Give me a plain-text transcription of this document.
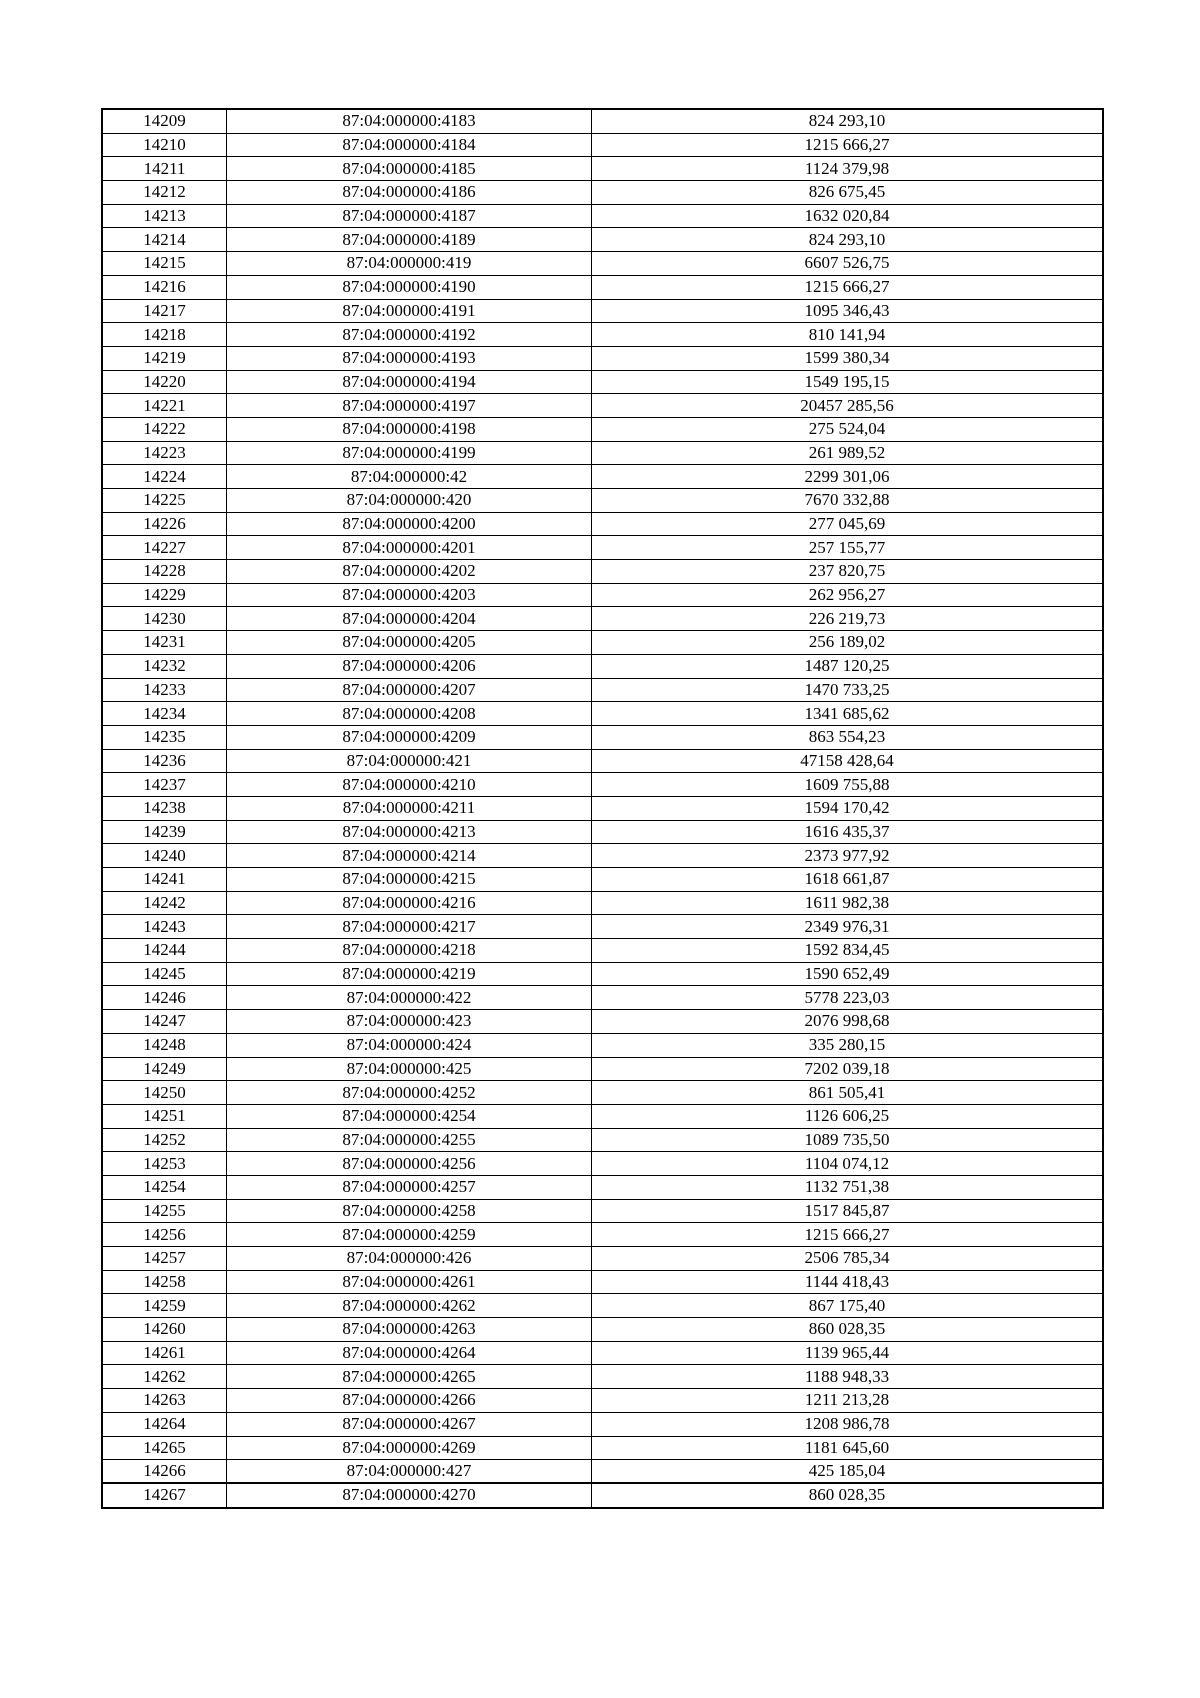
14209	87:04:000000:4183	824 293,10
14210	87:04:000000:4184	1215 666,27
14211	87:04:000000:4185	1124 379,98
14212	87:04:000000:4186	826 675,45
14213	87:04:000000:4187	1632 020,84
14214	87:04:000000:4189	824 293,10
14215	87:04:000000:419	6607 526,75
14216	87:04:000000:4190	1215 666,27
14217	87:04:000000:4191	1095 346,43
14218	87:04:000000:4192	810 141,94
14219	87:04:000000:4193	1599 380,34
14220	87:04:000000:4194	1549 195,15
14221	87:04:000000:4197	20457 285,56
14222	87:04:000000:4198	275 524,04
14223	87:04:000000:4199	261 989,52
14224	87:04:000000:42	2299 301,06
14225	87:04:000000:420	7670 332,88
14226	87:04:000000:4200	277 045,69
14227	87:04:000000:4201	257 155,77
14228	87:04:000000:4202	237 820,75
14229	87:04:000000:4203	262 956,27
14230	87:04:000000:4204	226 219,73
14231	87:04:000000:4205	256 189,02
14232	87:04:000000:4206	1487 120,25
14233	87:04:000000:4207	1470 733,25
14234	87:04:000000:4208	1341 685,62
14235	87:04:000000:4209	863 554,23
14236	87:04:000000:421	47158 428,64
14237	87:04:000000:4210	1609 755,88
14238	87:04:000000:4211	1594 170,42
14239	87:04:000000:4213	1616 435,37
14240	87:04:000000:4214	2373 977,92
14241	87:04:000000:4215	1618 661,87
14242	87:04:000000:4216	1611 982,38
14243	87:04:000000:4217	2349 976,31
14244	87:04:000000:4218	1592 834,45
14245	87:04:000000:4219	1590 652,49
14246	87:04:000000:422	5778 223,03
14247	87:04:000000:423	2076 998,68
14248	87:04:000000:424	335 280,15
14249	87:04:000000:425	7202 039,18
14250	87:04:000000:4252	861 505,41
14251	87:04:000000:4254	1126 606,25
14252	87:04:000000:4255	1089 735,50
14253	87:04:000000:4256	1104 074,12
14254	87:04:000000:4257	1132 751,38
14255	87:04:000000:4258	1517 845,87
14256	87:04:000000:4259	1215 666,27
14257	87:04:000000:426	2506 785,34
14258	87:04:000000:4261	1144 418,43
14259	87:04:000000:4262	867 175,40
14260	87:04:000000:4263	860 028,35
14261	87:04:000000:4264	1139 965,44
14262	87:04:000000:4265	1188 948,33
14263	87:04:000000:4266	1211 213,28
14264	87:04:000000:4267	1208 986,78
14265	87:04:000000:4269	1181 645,60
14266	87:04:000000:427	425 185,04
14267	87:04:000000:4270	860 028,35
